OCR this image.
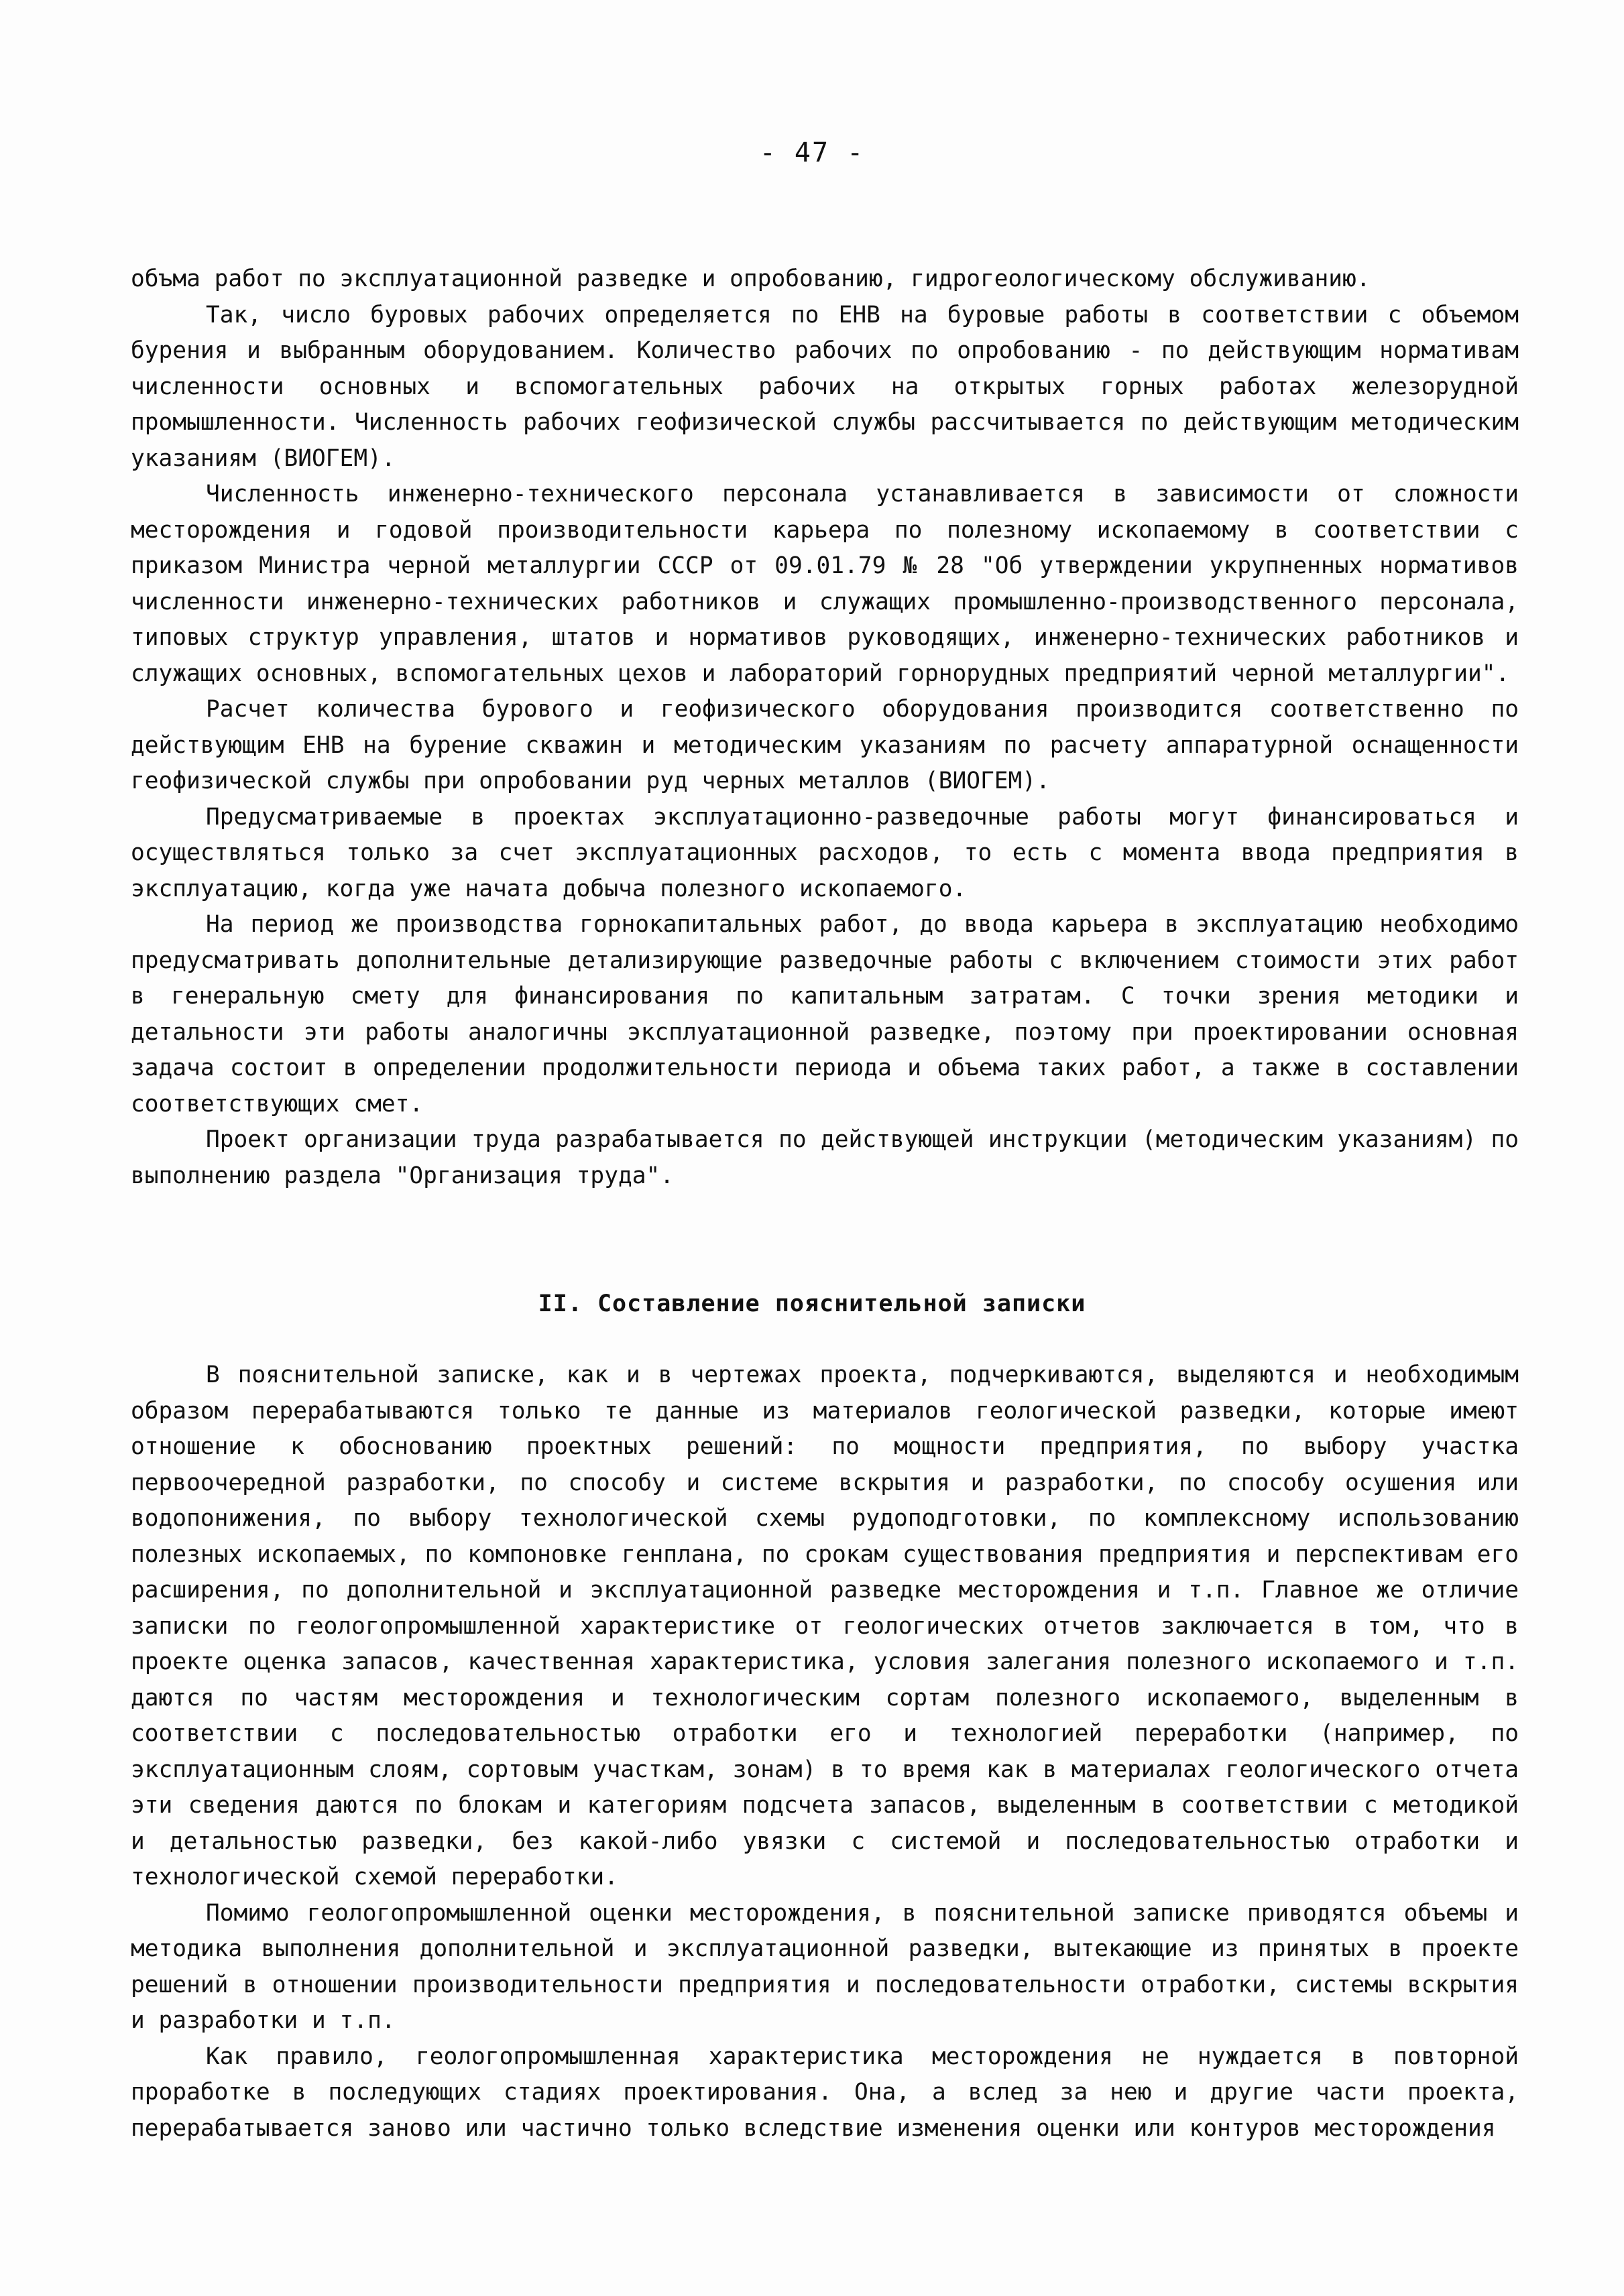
- 47 -

объма работ по эксплуатационной разведке и опробованию, гидрогеологическому обслуживанию.

Так, число буровых рабочих определяется по ЕНВ на буровые работы в соответствии с объемом бурения и выбранным оборудованием. Количество рабочих по опробованию - по действующим нормативам численности основных и вспомогательных рабочих на открытых горных работах железорудной промышленности. Численность рабочих геофизической службы рассчитывается по действующим методическим указаниям (ВИОГЕМ).

Численность инженерно-технического персонала устанавливается в зависимости от сложности месторождения и годовой производительности карьера по полезному ископаемому в соответствии с приказом Министра черной металлургии СССР от 09.01.79 № 28 "Об утверждении укрупненных нормативов численности инженерно-технических работников и служащих промышленно-производственного персонала, типовых структур управления, штатов и нормативов руководящих, инженерно-технических работников и служащих основных, вспомогательных цехов и лабораторий горнорудных предприятий черной металлургии".

Расчет количества бурового и геофизического оборудования производится соответственно по действующим ЕНВ на бурение скважин и методическим указаниям по расчету аппаратурной оснащенности геофизической службы при опробовании руд черных металлов (ВИОГЕМ).

Предусматриваемые в проектах эксплуатационно-разведочные работы могут финансироваться и осуществляться только за счет эксплуатационных расходов, то есть с момента ввода предприятия в эксплуатацию, когда уже начата добыча полезного ископаемого.

На период же производства горнокапитальных работ, до ввода карьера в эксплуатацию необходимо предусматривать дополнительные детализирующие разведочные работы с включением стоимости этих работ в генеральную смету для финансирования по капитальным затратам. С точки зрения методики и детальности эти работы аналогичны эксплуатационной разведке, поэтому при проектировании основная задача состоит в определении продолжительности периода и объема таких работ, а также в составлении соответствующих смет.

Проект организации труда разрабатывается по действующей инструкции (методическим указаниям) по выполнению раздела "Организация труда".

II. Составление пояснительной записки

В пояснительной записке, как и в чертежах проекта, подчеркиваются, выделяются и необходимым образом перерабатываются только те данные из материалов геологической разведки, которые имеют отношение к обоснованию проектных решений: по мощности предприятия, по выбору участка первоочередной разработки, по способу и системе вскрытия и разработки, по способу осушения или водопонижения, по выбору технологической схемы рудоподготовки, по комплексному использованию полезных ископаемых, по компоновке генплана, по срокам существования предприятия и перспективам его расширения, по дополнительной и эксплуатационной разведке месторождения и т.п. Главное же отличие записки по геологопромышленной характеристике от геологических отчетов заключается в том, что в проекте оценка запасов, качественная характеристика, условия залегания полезного ископаемого и т.п. даются по частям месторождения и технологическим сортам полезного ископаемого, выделенным в соответствии с последовательностью отработки его и технологией переработки (например, по эксплуатационным слоям, сортовым участкам, зонам) в то время как в материалах геологического отчета эти сведения даются по блокам и категориям подсчета запасов, выделенным в соответствии с методикой и детальностью разведки, без какой-либо увязки с системой и последовательностью отработки и технологической схемой переработки.

Помимо геологопромышленной оценки месторождения, в пояснительной записке приводятся объемы и методика выполнения дополнительной и эксплуатационной разведки, вытекающие из принятых в проекте решений в отношении производительности предприятия и последовательности отработки, системы вскрытия и разработки и т.п.

Как правило, геологопромышленная характеристика месторождения не нуждается в повторной проработке в последующих стадиях проектирования. Она, а вслед за нею и другие части проекта, перерабатывается заново или частично только вследствие изменения оценки или контуров месторождения
